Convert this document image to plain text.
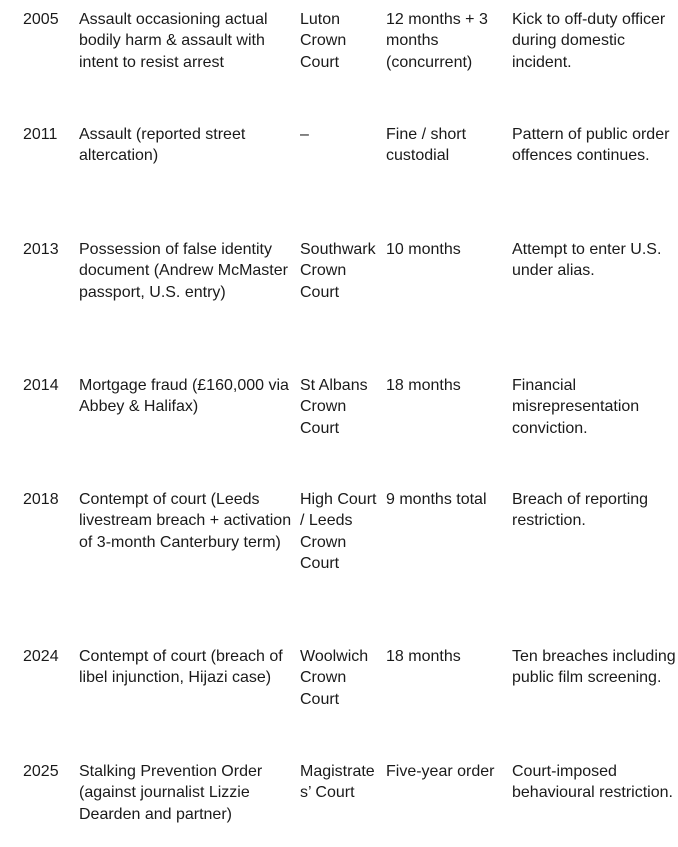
2005	Assault occasioning actual bodily harm & assault with intent to resist arrest	Luton Crown Court	12 months + 3 months (concurrent)	Kick to off-duty officer during domestic incident.
2011	Assault (reported street altercation)	–	Fine / short custodial	Pattern of public order offences continues.
2013	Possession of false identity document (Andrew McMaster passport, U.S. entry)	Southwark Crown Court	10 months	Attempt to enter U.S. under alias.
2014	Mortgage fraud (£160,000 via Abbey & Halifax)	St Albans Crown Court	18 months	Financial misrepresentation conviction.
2018	Contempt of court (Leeds livestream breach + activation of 3-month Canterbury term)	High Court / Leeds Crown Court	9 months total	Breach of reporting restriction.
2024	Contempt of court (breach of libel injunction, Hijazi case)	Woolwich Crown Court	18 months	Ten breaches including public film screening.
2025	Stalking Prevention Order (against journalist Lizzie Dearden and partner)	Magistrates’ Court	Five-year order	Court-imposed behavioural restriction.
